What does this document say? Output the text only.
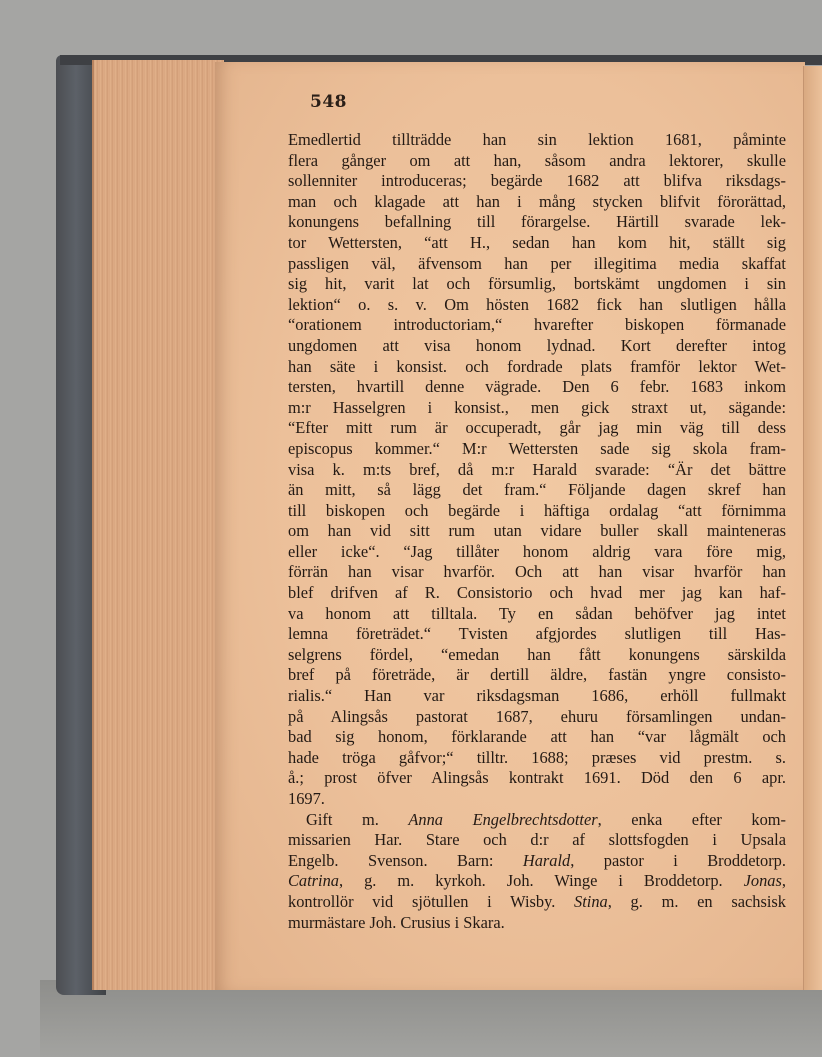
548
Emedlertid tillträdde han sin lektion 1681, påminte
flera gånger om att han, såsom andra lektorer, skulle
sollenniter introduceras; begärde 1682 att blifva riksdags-
man och klagade att han i mång stycken blifvit förorättad,
konungens befallning till förargelse. Härtill svarade lek-
tor Wettersten, “att H., sedan han kom hit, ställt sig
passligen väl, äfvensom han per illegitima media skaffat
sig hit, varit lat och försumlig, bortskämt ungdomen i sin
lektion“ o. s. v. Om hösten 1682 fick han slutligen hålla
“orationem introductoriam,“ hvarefter biskopen förmanade
ungdomen att visa honom lydnad. Kort derefter intog
han säte i konsist. och fordrade plats framför lektor Wet-
tersten, hvartill denne vägrade. Den 6 febr. 1683 inkom
m:r Hasselgren i konsist., men gick straxt ut, sägande:
“Efter mitt rum är occuperadt, går jag min väg till dess
episcopus kommer.“ M:r Wettersten sade sig skola fram-
visa k. m:ts bref, då m:r Harald svarade: “Är det bättre
än mitt, så lägg det fram.“ Följande dagen skref han
till biskopen och begärde i häftiga ordalag “att förnimma
om han vid sitt rum utan vidare buller skall mainteneras
eller icke“. “Jag tillåter honom aldrig vara före mig,
förrän han visar hvarför. Och att han visar hvarför han
blef drifven af R. Consistorio och hvad mer jag kan haf-
va honom att tilltala. Ty en sådan behöfver jag intet
lemna företrädet.“ Tvisten afgjordes slutligen till Has-
selgrens fördel, “emedan han fått konungens särskilda
bref på företräde, är dertill äldre, fastän yngre consisto-
rialis.“ Han var riksdagsman 1686, erhöll fullmakt
på Alingsås pastorat 1687, ehuru församlingen undan-
bad sig honom, förklarande att han “var lågmält och
hade tröga gåfvor;“ tilltr. 1688; præses vid prestm. s.
å.; prost öfver Alingsås kontrakt 1691. Död den 6 apr.
1697.
Gift m. Anna Engelbrechtsdotter, enka efter kom-
missarien Har. Stare och d:r af slottsfogden i Upsala
Engelb. Svenson. Barn: Harald, pastor i Broddetorp.
Catrina, g. m. kyrkoh. Joh. Winge i Broddetorp. Jonas,
kontrollör vid sjötullen i Wisby. Stina, g. m. en sachsisk
murmästare Joh. Crusius i Skara.
